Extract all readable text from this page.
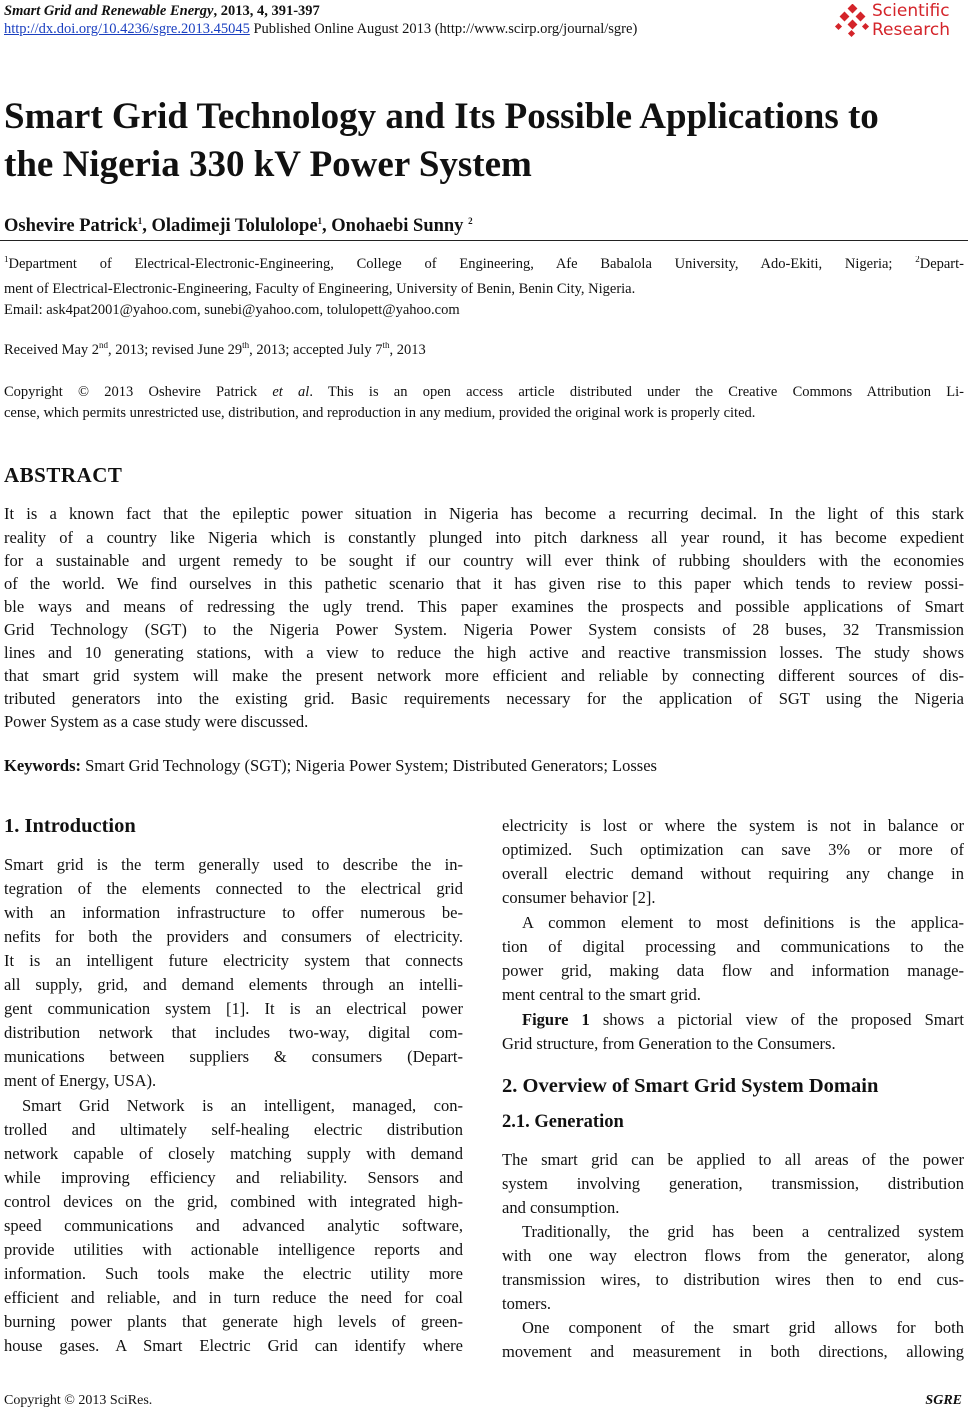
Smart Grid and Renewable Energy, 2013, 4, 391-397
http://dx.doi.org/10.4236/sgre.2013.45045 Published Online August 2013 (http://www.scirp.org/journal/sgre)
Scientific
Research
Smart Grid Technology and Its Possible Applications to
the Nigeria 330 kV Power System
Oshevire Patrick$^1$, Oladimeji Tolulolope$^1$, Onohaebi Sunny $^2$
$^1$Department of Electrical-Electronic-Engineering, College of Engineering, Afe Babalola University, Ado-Ekiti, Nigeria; $^2$Depart-
ment of Electrical-Electronic-Engineering, Faculty of Engineering, University of Benin, Benin City, Nigeria.
Email: ask4pat2001@yahoo.com, sunebi@yahoo.com, tolulopett@yahoo.com
Received May 2nd, 2013; revised June 29th, 2013; accepted July 7th, 2013
Copyright © 2013 Oshevire Patrick et al. This is an open access article distributed under the Creative Commons Attribution Li-
cense, which permits unrestricted use, distribution, and reproduction in any medium, provided the original work is properly cited.
ABSTRACT
It is a known fact that the epileptic power situation in Nigeria has become a recurring decimal. In the light of this stark
reality of a country like Nigeria which is constantly plunged into pitch darkness all year round, it has become expedient
for a sustainable and urgent remedy to be sought if our country will ever think of rubbing shoulders with the economies
of the world. We find ourselves in this pathetic scenario that it has given rise to this paper which tends to review possi-
ble ways and means of redressing the ugly trend. This paper examines the prospects and possible applications of Smart
Grid Technology (SGT) to the Nigeria Power System. Nigeria Power System consists of 28 buses, 32 Transmission
lines and 10 generating stations, with a view to reduce the high active and reactive transmission losses. The study shows
that smart grid system will make the present network more efficient and reliable by connecting different sources of dis-
tributed generators into the existing grid. Basic requirements necessary for the application of SGT using the Nigeria
Power System as a case study were discussed.
Keywords: Smart Grid Technology (SGT); Nigeria Power System; Distributed Generators; Losses
1. Introduction
Smart grid is the term generally used to describe the in-
tegration of the elements connected to the electrical grid
with an information infrastructure to offer numerous be-
nefits for both the providers and consumers of electricity.
It is an intelligent future electricity system that connects
all supply, grid, and demand elements through an intelli-
gent communication system [1]. It is an electrical power
distribution network that includes two-way, digital com-
munications between suppliers & consumers (Depart-
ment of Energy, USA).
Smart Grid Network is an intelligent, managed, con-
trolled and ultimately self-healing electric distribution
network capable of closely matching supply with demand
while improving efficiency and reliability. Sensors and
control devices on the grid, combined with integrated high-
speed communications and advanced analytic software,
provide utilities with actionable intelligence reports and
information. Such tools make the electric utility more
efficient and reliable, and in turn reduce the need for coal
burning power plants that generate high levels of green-
house gases. A Smart Electric Grid can identify where
electricity is lost or where the system is not in balance or
optimized. Such optimization can save 3% or more of
overall electric demand without requiring any change in
consumer behavior [2].
A common element to most definitions is the applica-
tion of digital processing and communications to the
power grid, making data flow and information manage-
ment central to the smart grid.
Figure 1 shows a pictorial view of the proposed Smart
Grid structure, from Generation to the Consumers.
2. Overview of Smart Grid System Domain
2.1. Generation
The smart grid can be applied to all areas of the power
system involving generation, transmission, distribution
and consumption.
Traditionally, the grid has been a centralized system
with one way electron flows from the generator, along
transmission wires, to distribution wires then to end cus-
tomers.
One component of the smart grid allows for both
movement and measurement in both directions, allowing
Copyright © 2013 SciRes.	SGRE
